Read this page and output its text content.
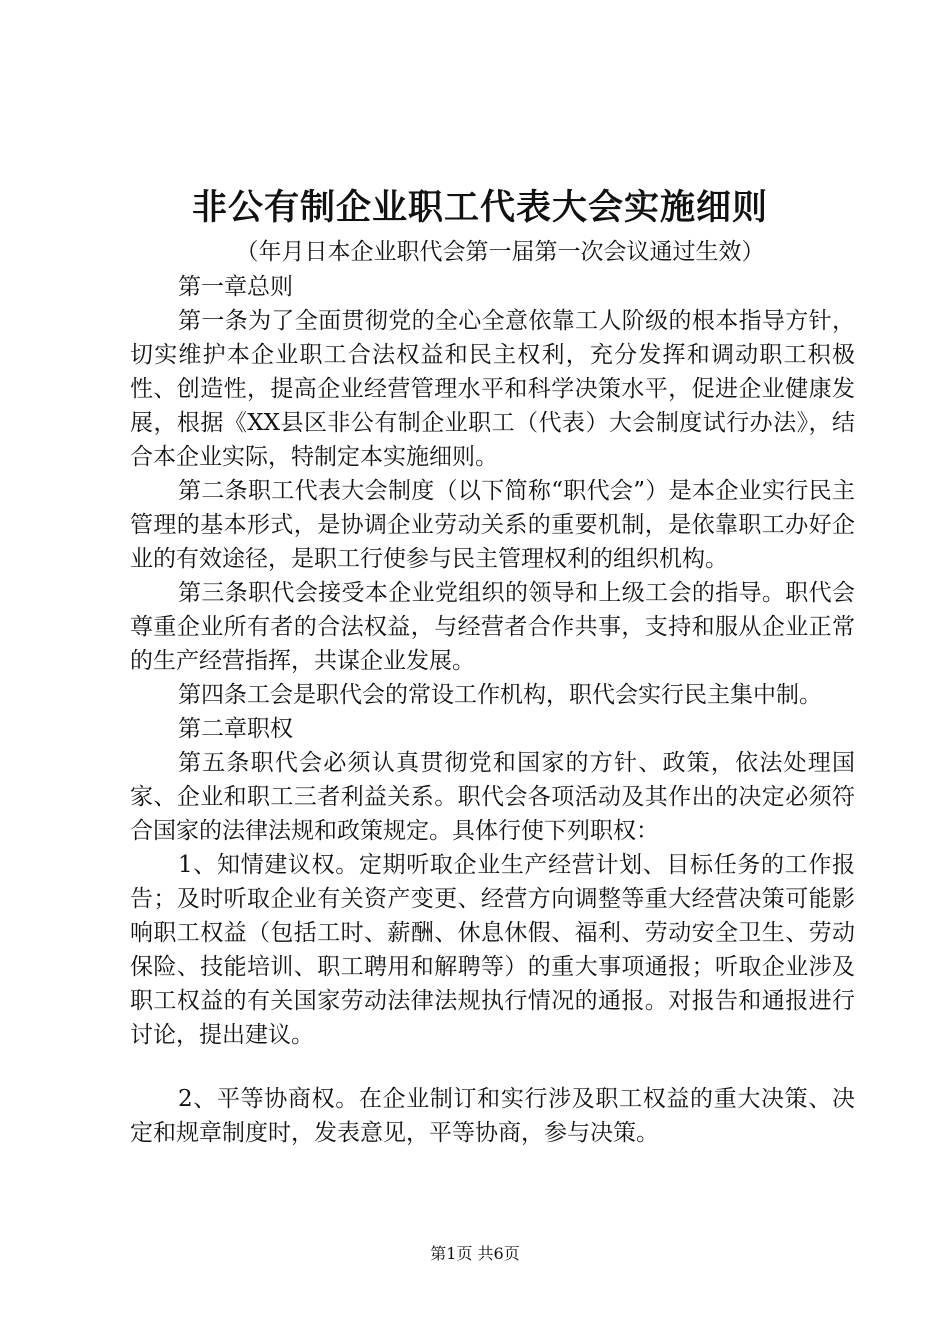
非公有制企业职工代表大会实施细则
（年月日本企业职代会第一届第一次会议通过生效）

第一章总则

第一条为了全面贯彻党的全心全意依靠工人阶级的根本指导方针，切实维护本企业职工合法权益和民主权利，充分发挥和调动职工积极性、创造性，提高企业经营管理水平和科学决策水平，促进企业健康发展，根据《XX县区非公有制企业职工（代表）大会制度试行办法》，结合本企业实际，特制定本实施细则。

第二条职工代表大会制度（以下简称“职代会”）是本企业实行民主管理的基本形式，是协调企业劳动关系的重要机制，是依靠职工办好企业的有效途径，是职工行使参与民主管理权利的组织机构。

第三条职代会接受本企业党组织的领导和上级工会的指导。职代会尊重企业所有者的合法权益，与经营者合作共事，支持和服从企业正常的生产经营指挥，共谋企业发展。

第四条工会是职代会的常设工作机构，职代会实行民主集中制。

第二章职权

第五条职代会必须认真贯彻党和国家的方针、政策，依法处理国家、企业和职工三者利益关系。职代会各项活动及其作出的决定必须符合国家的法律法规和政策规定。具体行使下列职权：

1、知情建议权。定期听取企业生产经营计划、目标任务的工作报告；及时听取企业有关资产变更、经营方向调整等重大经营决策可能影响职工权益（包括工时、薪酬、休息休假、福利、劳动安全卫生、劳动保险、技能培训、职工聘用和解聘等）的重大事项通报；听取企业涉及职工权益的有关国家劳动法律法规执行情况的通报。对报告和通报进行讨论，提出建议。

2、平等协商权。在企业制订和实行涉及职工权益的重大决策、决定和规章制度时，发表意见，平等协商，参与决策。

第1页 共6页
